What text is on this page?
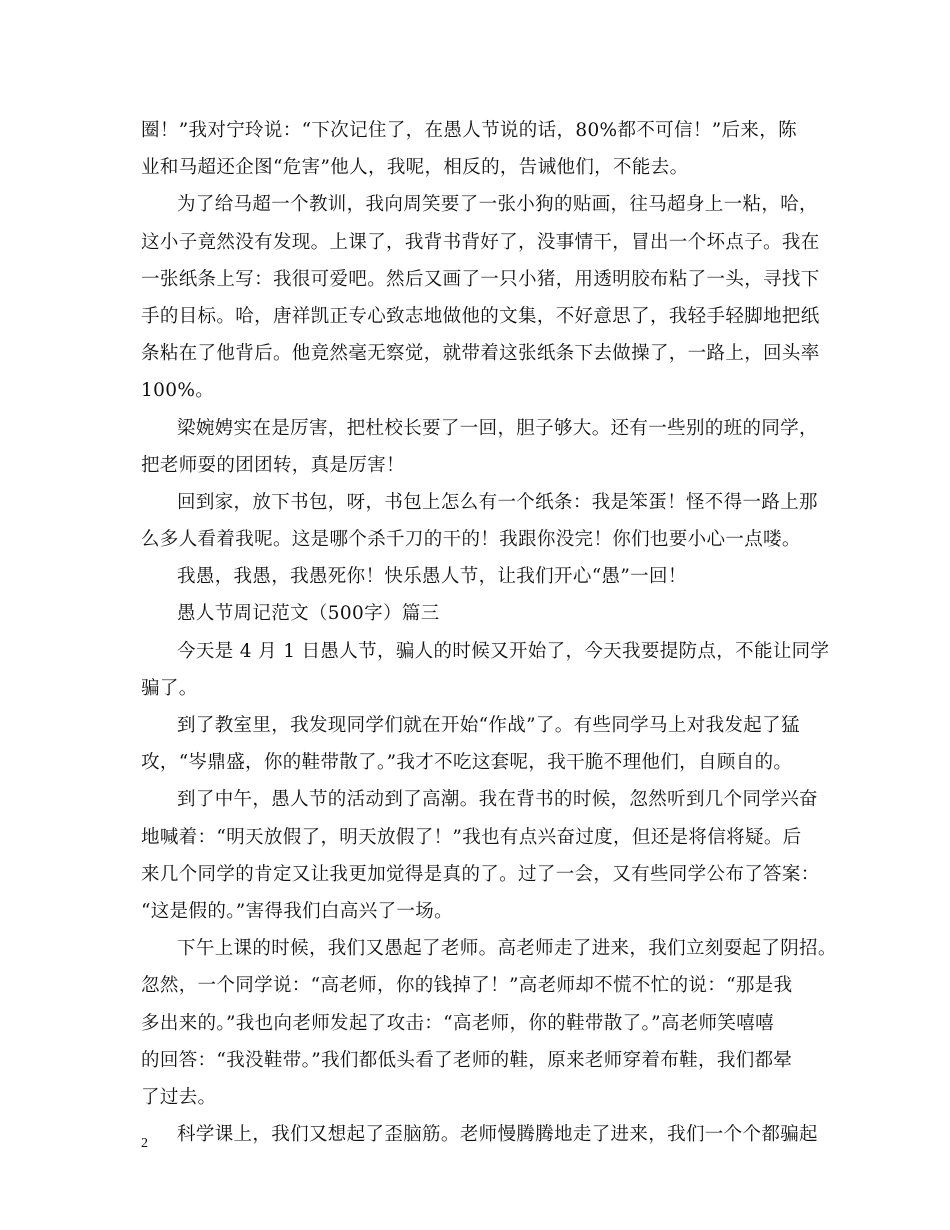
圈！”我对宁玲说：“下次记住了，在愚人节说的话，80%都不可信！”后来，陈
业和马超还企图“危害”他人，我呢，相反的，告诫他们，不能去。
为了给马超一个教训，我向周笑要了一张小狗的贴画，往马超身上一粘，哈，
这小子竟然没有发现。上课了，我背书背好了，没事情干，冒出一个坏点子。我在
一张纸条上写：我很可爱吧。然后又画了一只小猪，用透明胶布粘了一头，寻找下
手的目标。哈，唐祥凯正专心致志地做他的文集，不好意思了，我轻手轻脚地把纸
条粘在了他背后。他竟然毫无察觉，就带着这张纸条下去做操了，一路上，回头率
100%。
梁婉娉实在是厉害，把杜校长要了一回，胆子够大。还有一些别的班的同学，
把老师耍的团团转，真是厉害！
回到家，放下书包，呀，书包上怎么有一个纸条：我是笨蛋！怪不得一路上那
么多人看着我呢。这是哪个杀千刀的干的！我跟你没完！你们也要小心一点喽。
我愚，我愚，我愚死你！快乐愚人节，让我们开心“愚”一回！
愚人节周记范文（500字）篇三
今天是 4 月 1 日愚人节，骗人的时候又开始了，今天我要提防点，不能让同学
骗了。
到了教室里，我发现同学们就在开始“作战”了。有些同学马上对我发起了猛
攻，“岑鼎盛，你的鞋带散了。”我才不吃这套呢，我干脆不理他们，自顾自的。
到了中午，愚人节的活动到了高潮。我在背书的时候，忽然听到几个同学兴奋
地喊着：“明天放假了，明天放假了！”我也有点兴奋过度，但还是将信将疑。后
来几个同学的肯定又让我更加觉得是真的了。过了一会，又有些同学公布了答案：
“这是假的。”害得我们白高兴了一场。
下午上课的时候，我们又愚起了老师。高老师走了进来，我们立刻耍起了阴招。
忽然，一个同学说：“高老师，你的钱掉了！”高老师却不慌不忙的说：“那是我
多出来的。”我也向老师发起了攻击：“高老师，你的鞋带散了。”高老师笑嘻嘻
的回答：“我没鞋带。”我们都低头看了老师的鞋，原来老师穿着布鞋，我们都晕
了过去。
科学课上，我们又想起了歪脑筋。老师慢腾腾地走了进来，我们一个个都骗起
2
